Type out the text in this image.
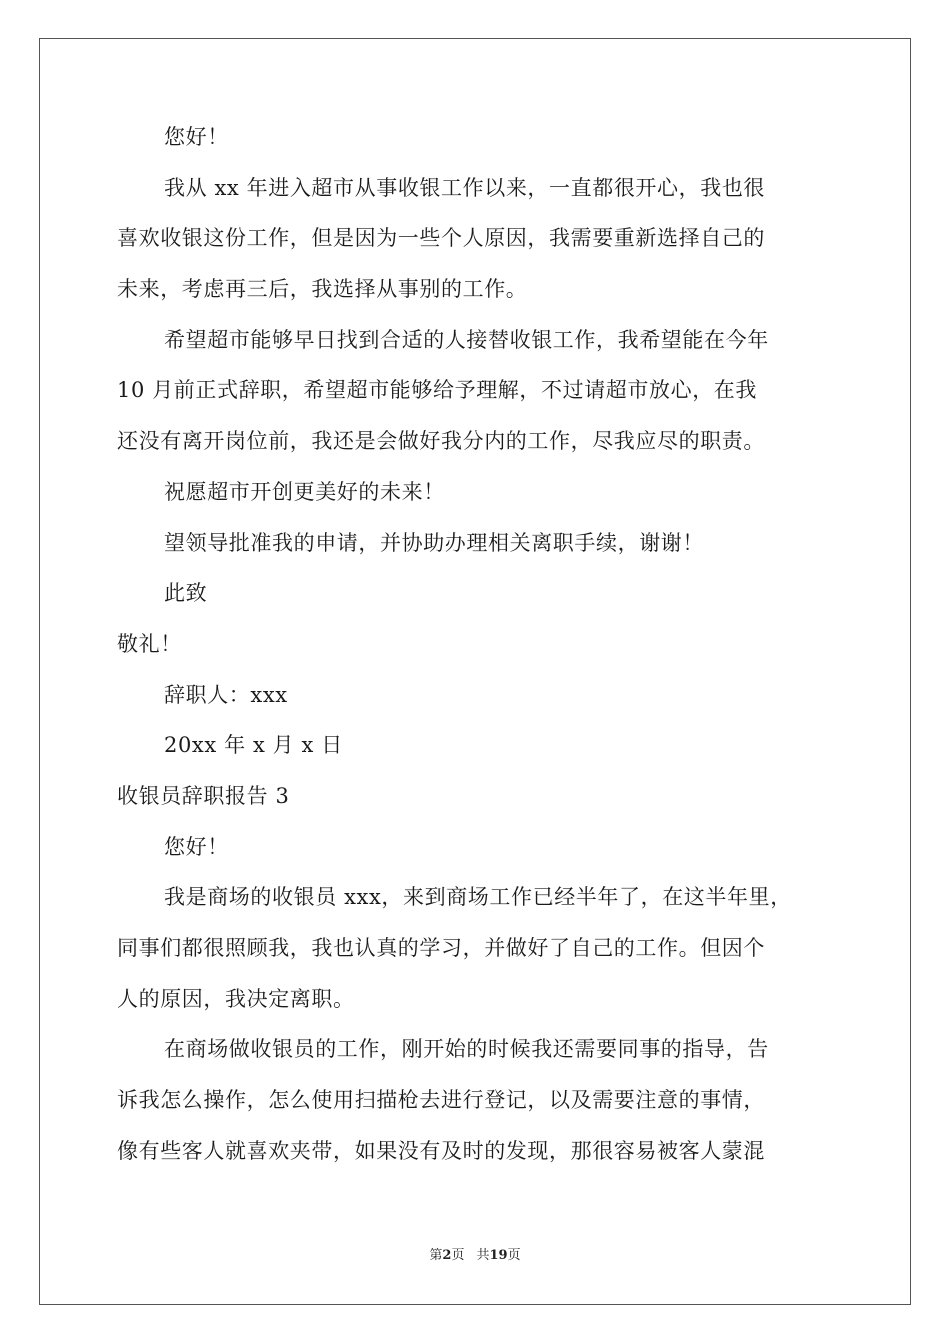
您好！
我从 xx 年进入超市从事收银工作以来，一直都很开心，我也很
喜欢收银这份工作，但是因为一些个人原因，我需要重新选择自己的
未来，考虑再三后，我选择从事别的工作。
希望超市能够早日找到合适的人接替收银工作，我希望能在今年
10 月前正式辞职，希望超市能够给予理解，不过请超市放心，在我
还没有离开岗位前，我还是会做好我分内的工作，尽我应尽的职责。
祝愿超市开创更美好的未来！
望领导批准我的申请，并协助办理相关离职手续，谢谢！
此致
敬礼！
辞职人：xxx
20xx 年 x 月 x 日
收银员辞职报告 3
您好！
我是商场的收银员 xxx，来到商场工作已经半年了，在这半年里，
同事们都很照顾我，我也认真的学习，并做好了自己的工作。但因个
人的原因，我决定离职。
在商场做收银员的工作，刚开始的时候我还需要同事的指导，告
诉我怎么操作，怎么使用扫描枪去进行登记，以及需要注意的事情，
像有些客人就喜欢夹带，如果没有及时的发现，那很容易被客人蒙混
第2页 共19页
